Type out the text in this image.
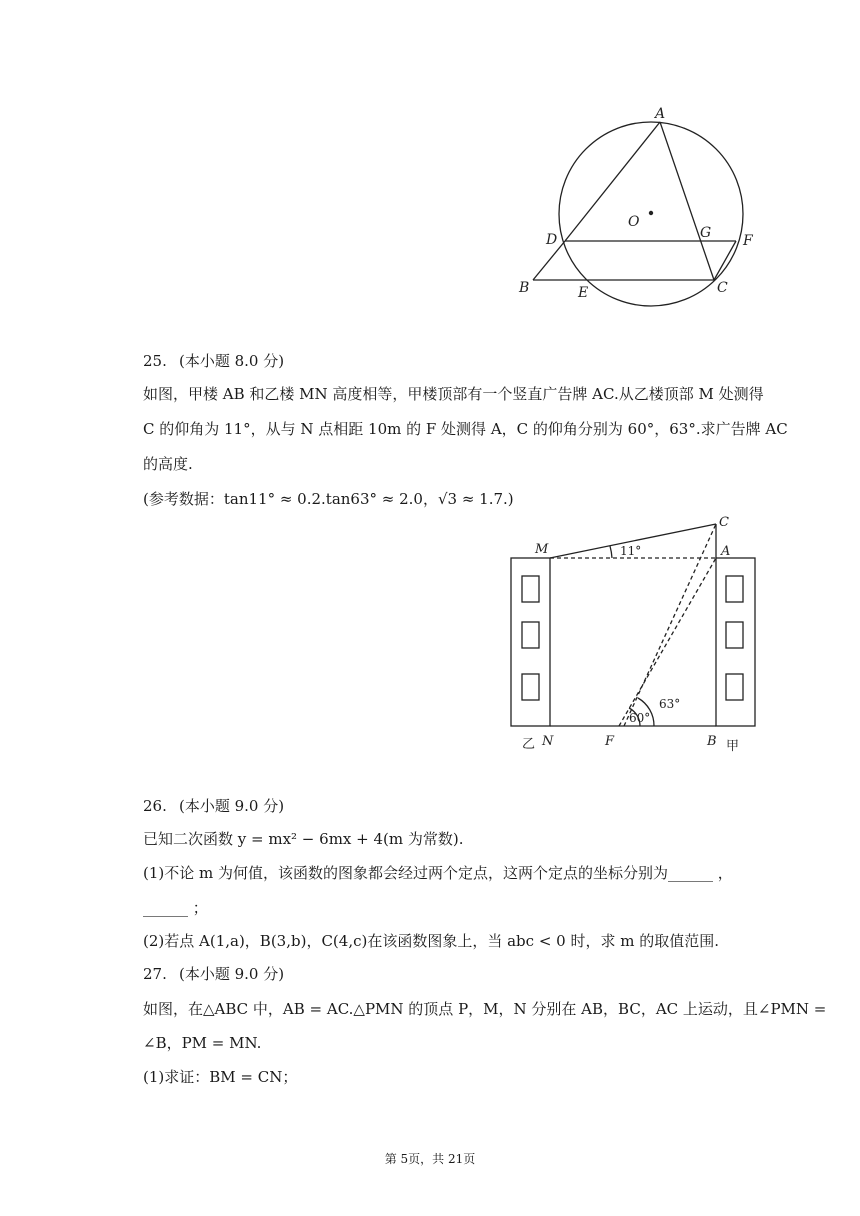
A
O
D	G F
B	E	C
25. (本小题 8.0 分)
如图，甲楼 AB 和乙楼 MN 高度相等，甲楼顶部有一个竖直广告牌 AC.从乙楼顶部 M 处测得
C 的仰角为 11°，从与 N 点相距 10m 的 F 处测得 A，C 的仰角分别为 60°，63°.求广告牌 AC
的高度.
(参考数据：tan11° ≈ 0.2.tan63° ≈ 2.0，√3 ≈ 1.7.)
C
M	A
11°
63°
60°
乙 N	F	B 甲
26. (本小题 9.0 分)
已知二次函数 y = mx² − 6mx + 4(m 为常数).
(1)不论 m 为何值，该函数的图象都会经过两个定点，这两个定点的坐标分别为______ ，
______ ；
(2)若点 A(1,a)，B(3,b)，C(4,c)在该函数图象上，当 abc < 0 时，求 m 的取值范围.
27. (本小题 9.0 分)
如图，在△ABC 中，AB = AC.△PMN 的顶点 P，M，N 分别在 AB，BC，AC 上运动，且∠PMN =
∠B，PM = MN.
(1)求证：BM = CN；
第 5页，共 21页
